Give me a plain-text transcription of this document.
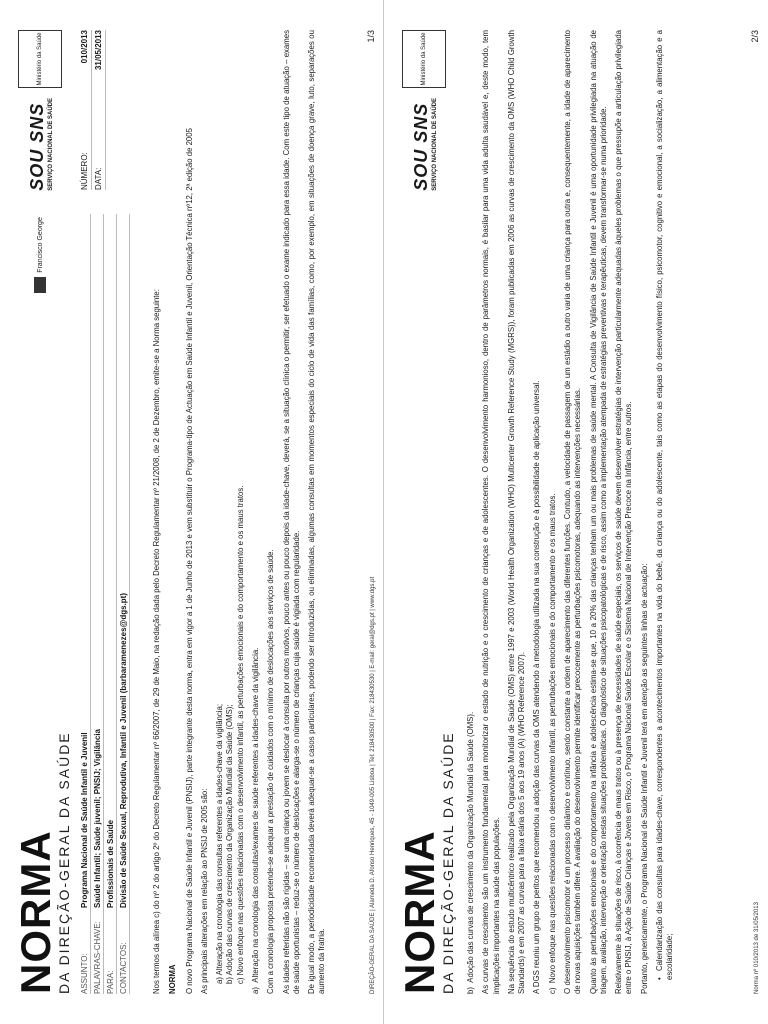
NORMA
DA DIREÇÃO-GERAL DA SAÚDE
Francisco George
SOU SNS SERVIÇO NACIONAL DE SAÚDE
Ministério da Saúde
ASSUNTO:
Programa Nacional de Saúde Infantil e Juvenil
PALAVRAS-CHAVE:
Saúde Infantil; Saúde juvenil; PNSIJ; Vigilância
PARA:
Profissionais de Saúde
CONTACTOS:
Divisão de Saúde Sexual, Reprodutiva, Infantil e Juvenil (barbaramenezes@dgs.pt)
NÚMERO:
010/2013
DATA:
31/05/2013

Nos termos da alínea c) do nº 2 do artigo 2º do Decreto Regulamentar nº 66/2007, de 29 de Maio, na redação dada pelo Decreto Regulamentar nº 21/2008, de 2 de Dezembro, emite-se a Norma seguinte: NORMA O novo Programa Nacional de Saúde Infantil e Juvenil (PNSIJ), parte integrante desta norma, entra em vigor a 1 de Junho de 2013 e vem substituir o Programa-tipo de Actuação em Saúde Infantil e Juvenil, Orientação Técnica nº12, 2ª edição de 2005 As principais alterações em relação ao PNSIJ de 2005 são: a) Alteração na cronologia das consultas referentes a idades-chave da vigilância;
b) Adoção das curvas de crescimento da Organização Mundial da Saúde (OMS);
c) Novo enfoque nas questões relacionadas com o desenvolvimento infantil, as perturbações emocionais e do comportamento e os maus tratos.

a)  Alteração na cronologia das consultas/exames de saúde referentes a idades-chave da vigilância. Com a cronologia proposta pretende-se adequar a prestação de cuidados com o mínimo de deslocações aos serviços de saúde. As idades referidas não são rígidas – se uma criança ou jovem se deslocar à consulta por outros motivos, pouco antes ou pouco depois da idade-chave, deverá, se a situação clínica o permitir, ser efetuado o exame indicado para essa idade. Com este tipo de atuação – exames de saúde oportunistas – reduz-se o número de deslocações e alarga-se o número de crianças cuja saúde é vigiada com regularidade. De igual modo, a periodicidade recomendada deverá adequar-se a casos particulares, podendo ser introduzidas, ou eliminadas, algumas consultas em momentos especiais do ciclo de vida das famílias, como, por exemplo, em situações de doença grave, luto, separações ou aumento da fratria.	DIREÇÃO-GERAL DA SAÚDE | Alameda D. Afonso Henriques, 45 - 1049-005 Lisboa | Tel: 218430500 | Fax: 218430530 | E-mail: geral@dgs.pt | www.dgs.pt
1/3
NORMA
DA DIREÇÃO-GERAL DA SAÚDE
SOU SNS SERVIÇO NACIONAL DE SAÚDE
Ministério da Saúde

b)  Adoção das curvas de crescimento da Organização Mundial da Saúde (OMS). As curvas de crescimento são um instrumento fundamental para monitorizar o estado de nutrição e o crescimento de crianças e de adolescentes. O desenvolvimento harmonioso, dentro de parâmetros normais, é basilar para uma vida adulta saudável e, deste modo, tem implicações importantes na saúde das populações. Na sequência do estudo multicêntrico realizado pela Organização Mundial de Saúde (OMS) entre 1997 e 2003 (World Health Organization (WHO) Multicenter Growth Reference Study (MGRS)), foram publicadas em 2006 as curvas de crescimento da OMS (WHO Child Growth Standards) e em 2007 as curvas para a faixa etária dos 5 aos 19 anos (A) (WHO Reference 2007). A DGS reuniu um grupo de peritos que recomendou a adoção das curvas da OMS atendendo à metodologia utilizada na sua construção e à possibilidade de aplicação universal. c)  Novo enfoque nas questões relacionadas com o desenvolvimento infantil, as perturbações emocionais e do comportamento e os maus tratos. O desenvolvimento psicomotor é um processo dinâmico e contínuo, sendo constante a ordem de aparecimento das diferentes funções. Contudo, a velocidade de passagem de um estádio a outro varia de uma criança para outra e, consequentemente, a idade de aparecimento de novas aquisições também difere. A avaliação do desenvolvimento permite identificar precocemente as perturbações psicomotoras, adequando as intervenções necessárias. Quanto às perturbações emocionais e do comportamento na infância e adolescência estima-se que, 10 a 20% das crianças tenham um ou mais problemas de saúde mental. A Consulta de Vigilância de Saúde Infantil e Juvenil é uma oportunidade privilegiada na atuação de triagem, avaliação, intervenção e orientação nestas situações problemáticas. O diagnóstico de situações psicopatológicas e de risco, assim como a implementação atempada de estratégias preventivas e terapêuticas, devem transformar-se numa prioridade. Relativamente às situações de risco, à ocorrência de maus tratos ou à presença de necessidades de saúde especiais, os serviços de saúde devem desenvolver estratégias de intervenção particularmente adequadas àqueles problemas o que pressupõe a articulação privilegiada entre o PNSIJ, à Ação de Saúde Crianças e Jovens em Risco, o Programa Nacional Saúde Escolar e o Sistema Nacional de Intervenção Precoce na Infância, entre outros. Portanto, genericamente, o Programa Nacional de Saúde Infantil e Juvenil terá em atenção as seguintes linhas de actuação: •  Calendarização das consultas para idades-chave, correspondentes a acontecimentos importantes na vida do bebé, da criança ou do adolescente, tais como as etapas do desenvolvimento físico, psicomotor, cognitivo e emocional, a socialização, a alimentação e a escolaridade;	Norma nº 010/2013 de 31/05/2013
2/3
